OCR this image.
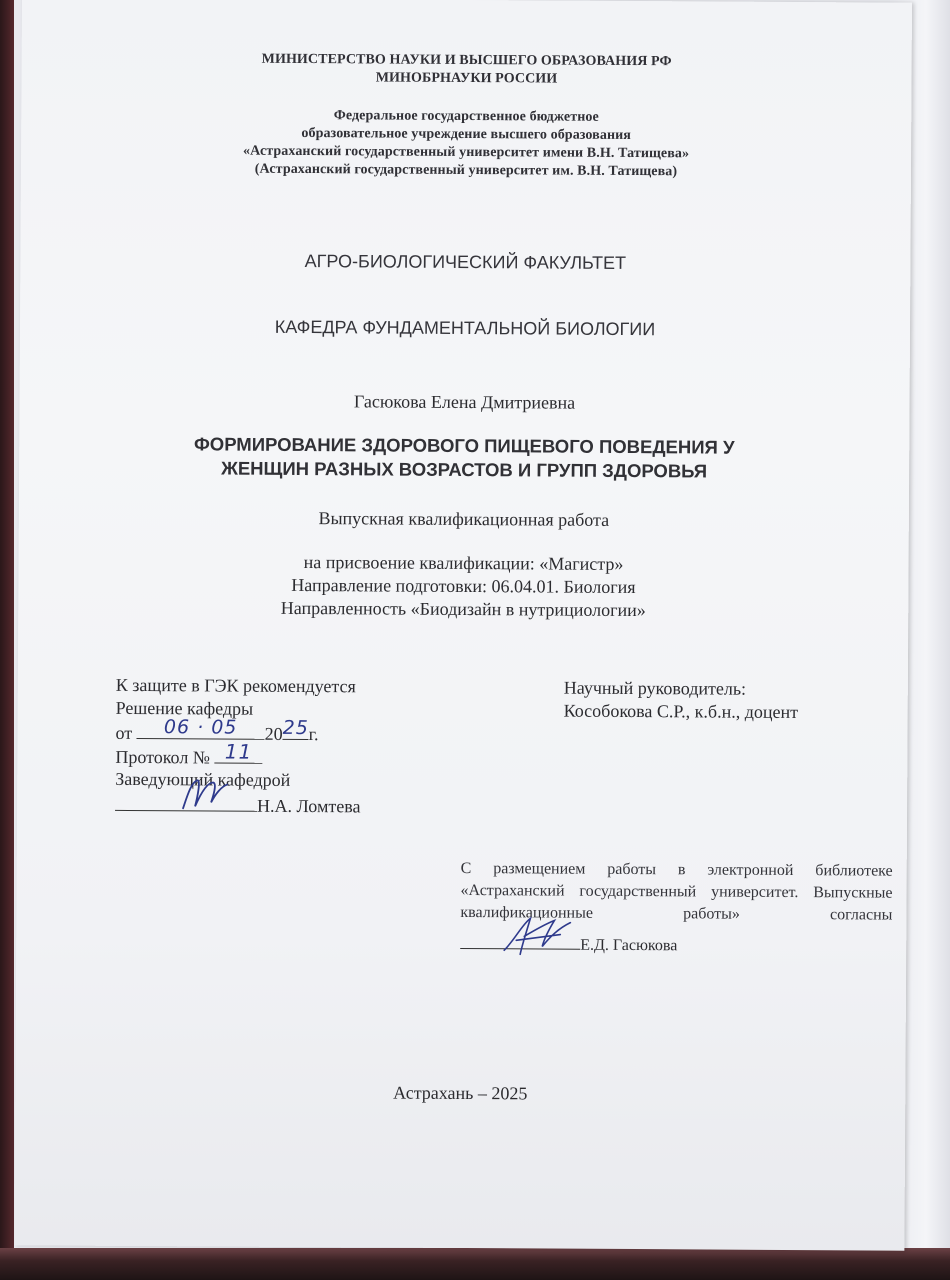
МИНИСТЕРСТВО НАУКИ И ВЫСШЕГО ОБРАЗОВАНИЯ РФ
МИНОБРНАУКИ РОССИИ
Федеральное государственное бюджетное
образовательное учреждение высшего образования
«Астраханский государственный университет имени В.Н. Татищева»
(Астраханский государственный университет им. В.Н. Татищева)
АГРО-БИОЛОГИЧЕСКИЙ ФАКУЛЬТЕТ
КАФЕДРА ФУНДАМЕНТАЛЬНОЙ БИОЛОГИИ
Гасюкова Елена Дмитриевна
ФОРМИРОВАНИЕ ЗДОРОВОГО ПИЩЕВОГО ПОВЕДЕНИЯ У
ЖЕНЩИН РАЗНЫХ ВОЗРАСТОВ И ГРУПП ЗДОРОВЬЯ
Выпускная квалификационная работа
на присвоение квалификации: «Магистр»
Направление подготовки: 06.04.01. Биология
Направленность «Биодизайн в нутрициологии»
К защите в ГЭК рекомендуется
Решение кафедры
от	06 · 05	20 25 г.
Протокол № 11
Заведующий кафедрой
Н.А. Ломтева
Научный руководитель:
Кособокова С.Р., к.б.н., доцент
С размещением работы в электронной библиотеке «Астраханский государственный университет. Выпускные квалификационные работы» согласны
Е.Д. Гасюкова
Астрахань – 2025
